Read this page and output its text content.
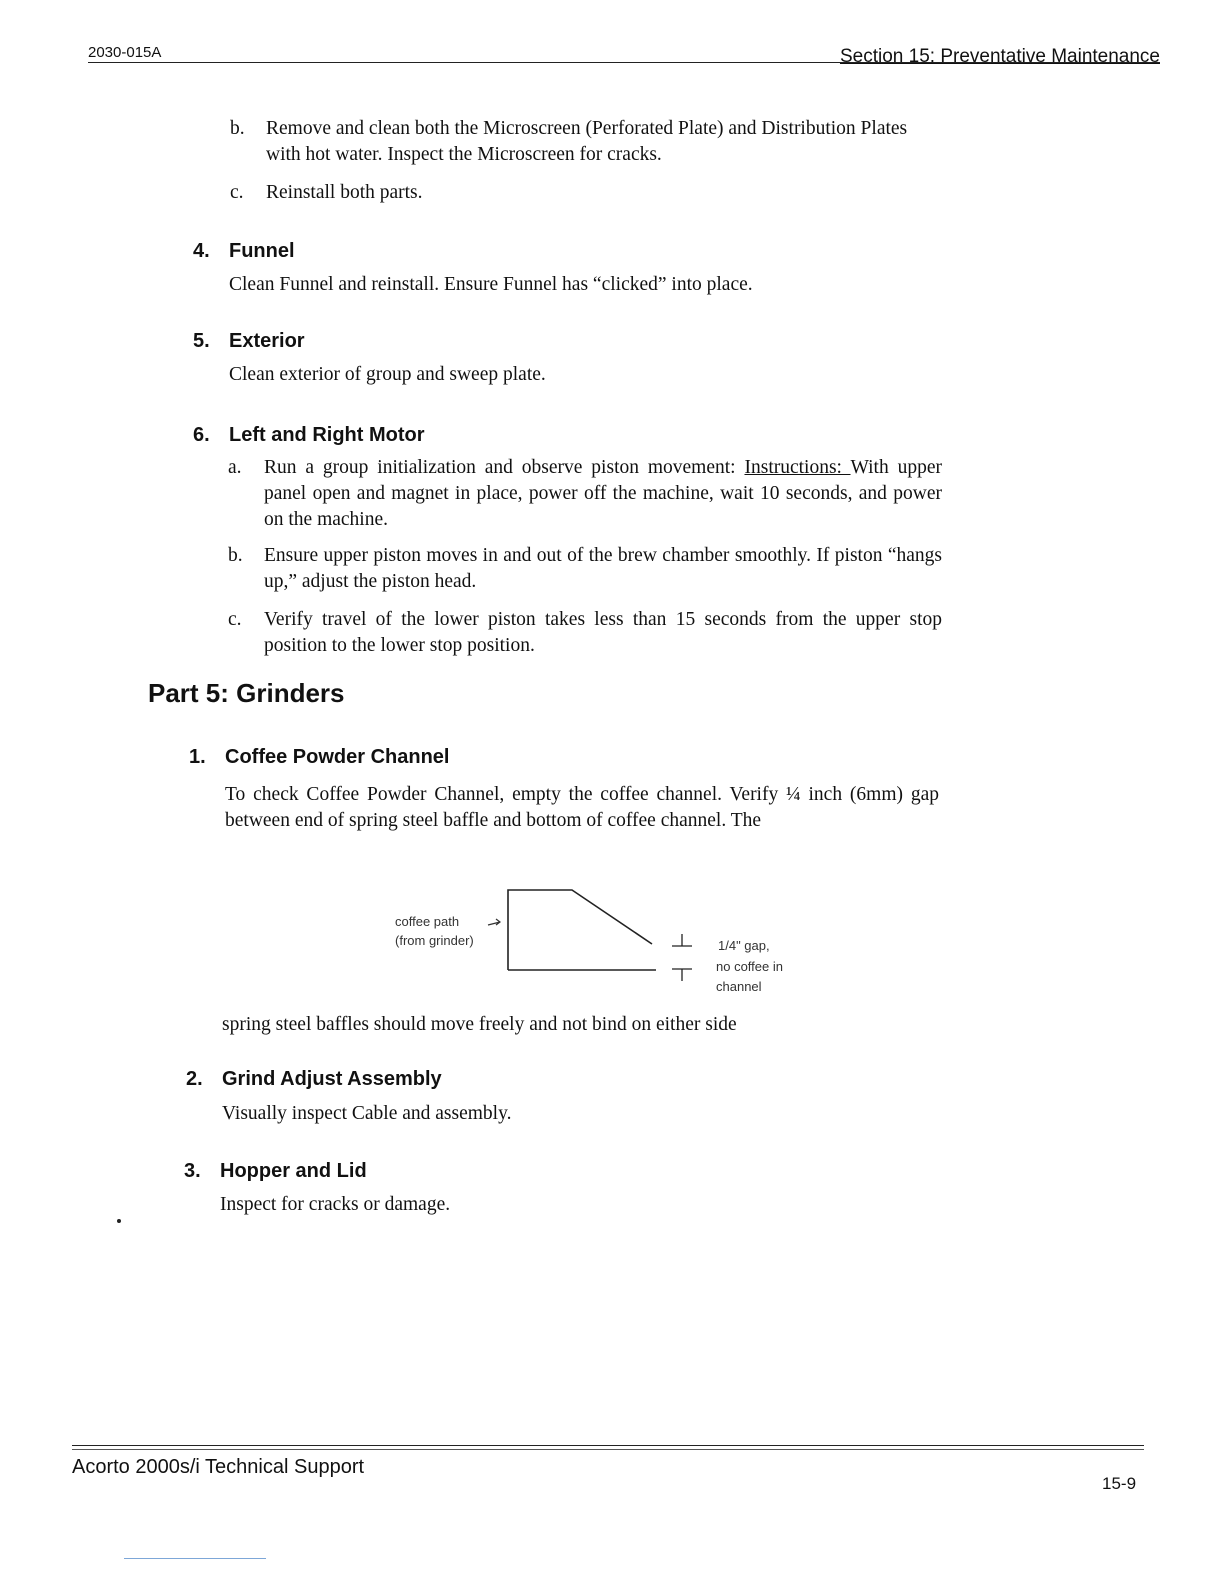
2030-015A	Section 15: Preventative Maintenance
b.	Remove and clean both the Microscreen (Perforated Plate) and Distribution Plates with hot water. Inspect the Microscreen for cracks.
c.	Reinstall both parts.
4. Funnel
Clean Funnel and reinstall. Ensure Funnel has “clicked” into place.
5. Exterior
Clean exterior of group and sweep plate.
6. Left and Right Motor
a.	Run a group initialization and observe piston movement: Instructions: With upper panel open and magnet in place, power off the machine, wait 10 seconds, and power on the machine.
b.	Ensure upper piston moves in and out of the brew chamber smoothly. If piston “hangs up,” adjust the piston head.
c.	Verify travel of the lower piston takes less than 15 seconds from the upper stop position to the lower stop position.
Part 5: Grinders
1. Coffee Powder Channel
To check Coffee Powder Channel, empty the coffee channel. Verify ¼ inch (6mm) gap between end of spring steel baffle and bottom of coffee channel. The
coffee path
(from grinder)	1/4" gap,
no coffee in
channel
spring steel baffles should move freely and not bind on either side
2. Grind Adjust Assembly
Visually inspect Cable and assembly.
3. Hopper and Lid
Inspect for cracks or damage.
Acorto 2000s/i Technical Support
15-9
